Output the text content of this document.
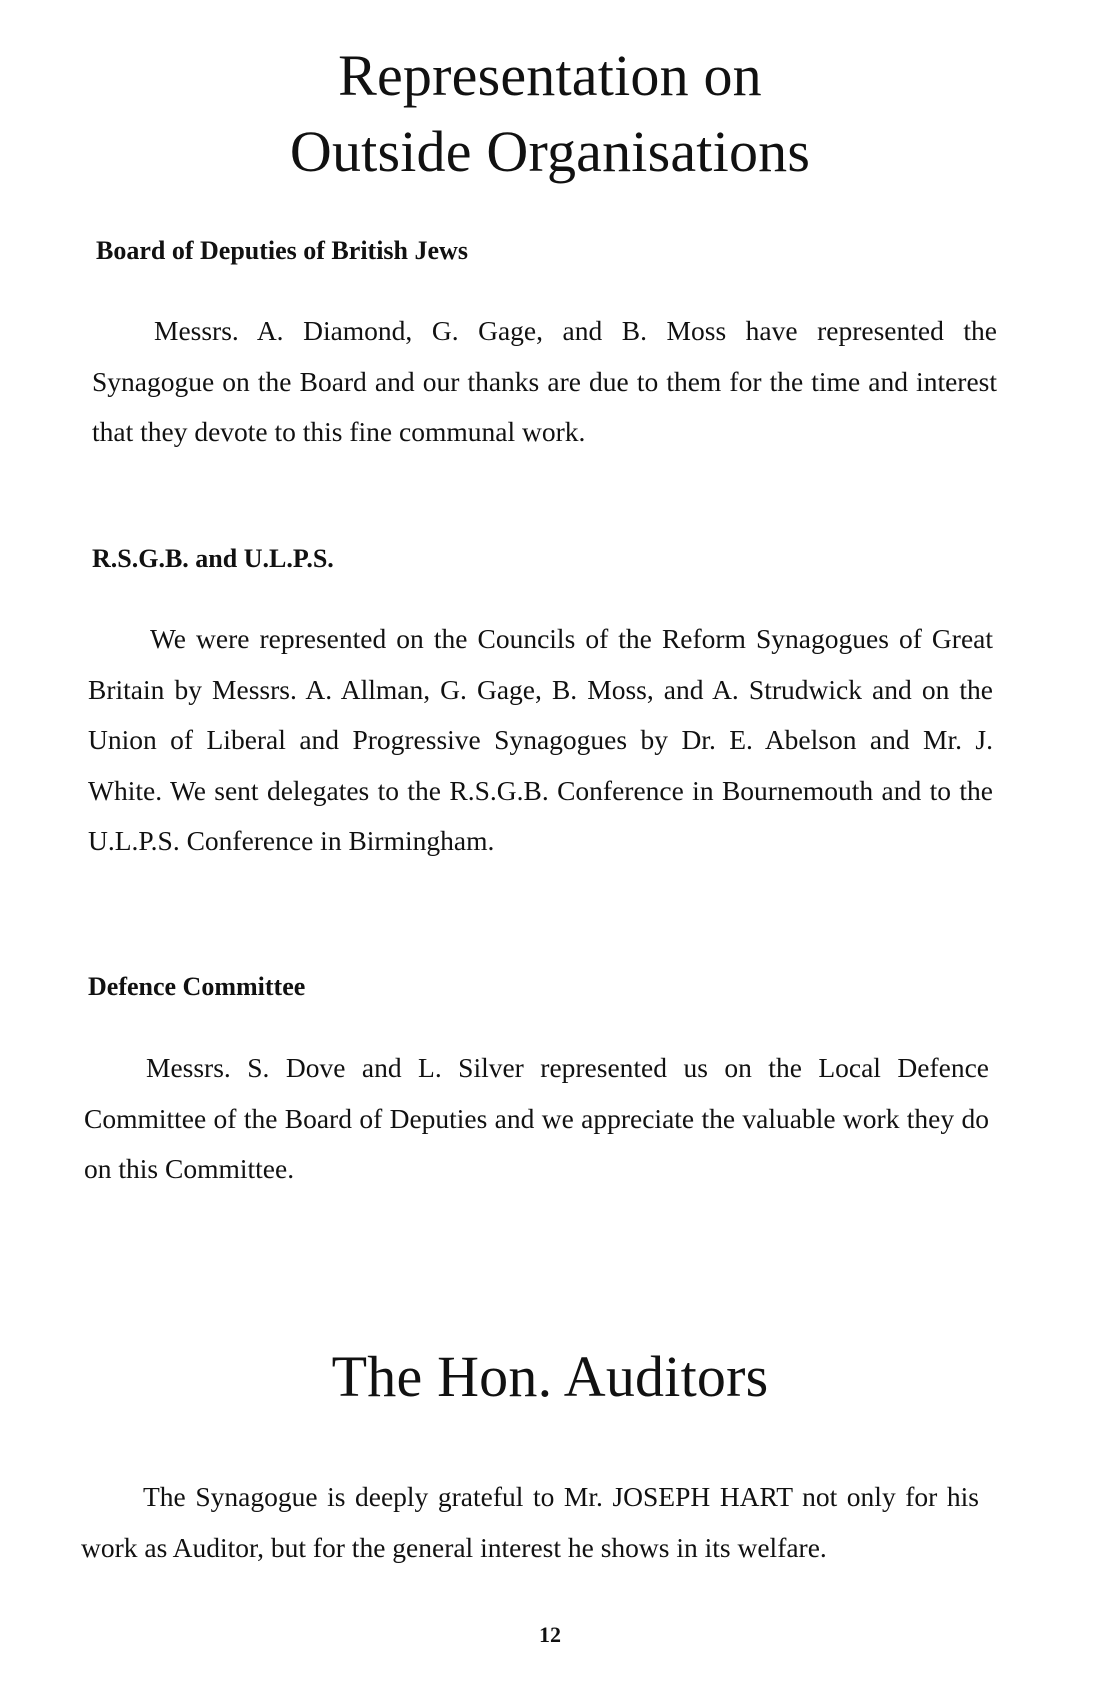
Representation on
Outside Organisations
Board of Deputies of British Jews

Messrs. A. Diamond, G. Gage, and B. Moss have represented the Synagogue on the Board and our thanks are due to them for the time and interest that they devote to this fine communal work.

R.S.G.B. and U.L.P.S.

We were represented on the Councils of the Reform Synagogues of Great Britain by Messrs. A. Allman, G. Gage, B. Moss, and A. Strudwick and on the Union of Liberal and Progressive Synagogues by Dr. E. Abelson and Mr. J. White. We sent delegates to the R.S.G.B. Conference in Bournemouth and to the U.L.P.S. Conference in Birmingham.

Defence Committee

Messrs. S. Dove and L. Silver represented us on the Local Defence Committee of the Board of Deputies and we appreciate the valuable work they do on this Committee.

The Hon. Auditors

The Synagogue is deeply grateful to Mr. JOSEPH HART not only for his work as Auditor, but for the general interest he shows in its welfare.

12
